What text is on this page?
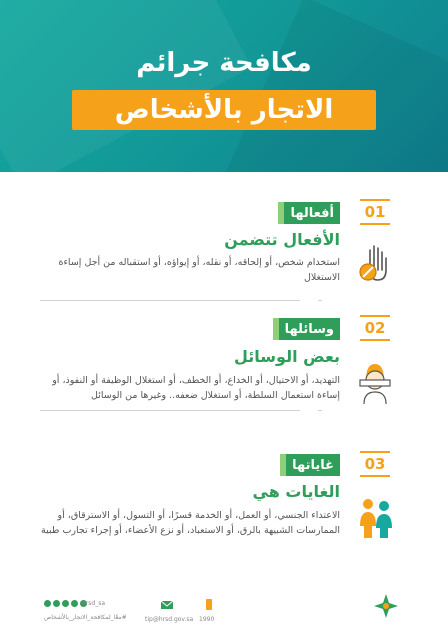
مكافحة جرائم
الاتجار بالأشخاص
أفعالها	01
الأفعال تتضمن
استخدام شخص، أو إلحاقه، أو نقله، أو إيواؤه، أو استقباله من أجل إساءة الاستغلال
وسائلها	02
بعض الوسائل
التهديد، أو الاحتيال، أو الخداع، أو الخطف، أو استغلال الوظيفة أو النفوذ، أو إساءة استعمال السلطة، أو استغلال ضعفه.. وغيرها من الوسائل
غاياتها	03
الغايات هي
الاعتداء الجنسي، أو العمل، أو الخدمة قسرًا، أو التسول، أو الاسترقاق، أو الممارسات الشبيهة بالرق، أو الاستعباد، أو نزع الأعضاء، أو إجراء تجارب طبية
1990
tip@hrsd.gov.sa
hrsd_sa
#معًا_لمكافحة_الاتجار_بالأشخاص
